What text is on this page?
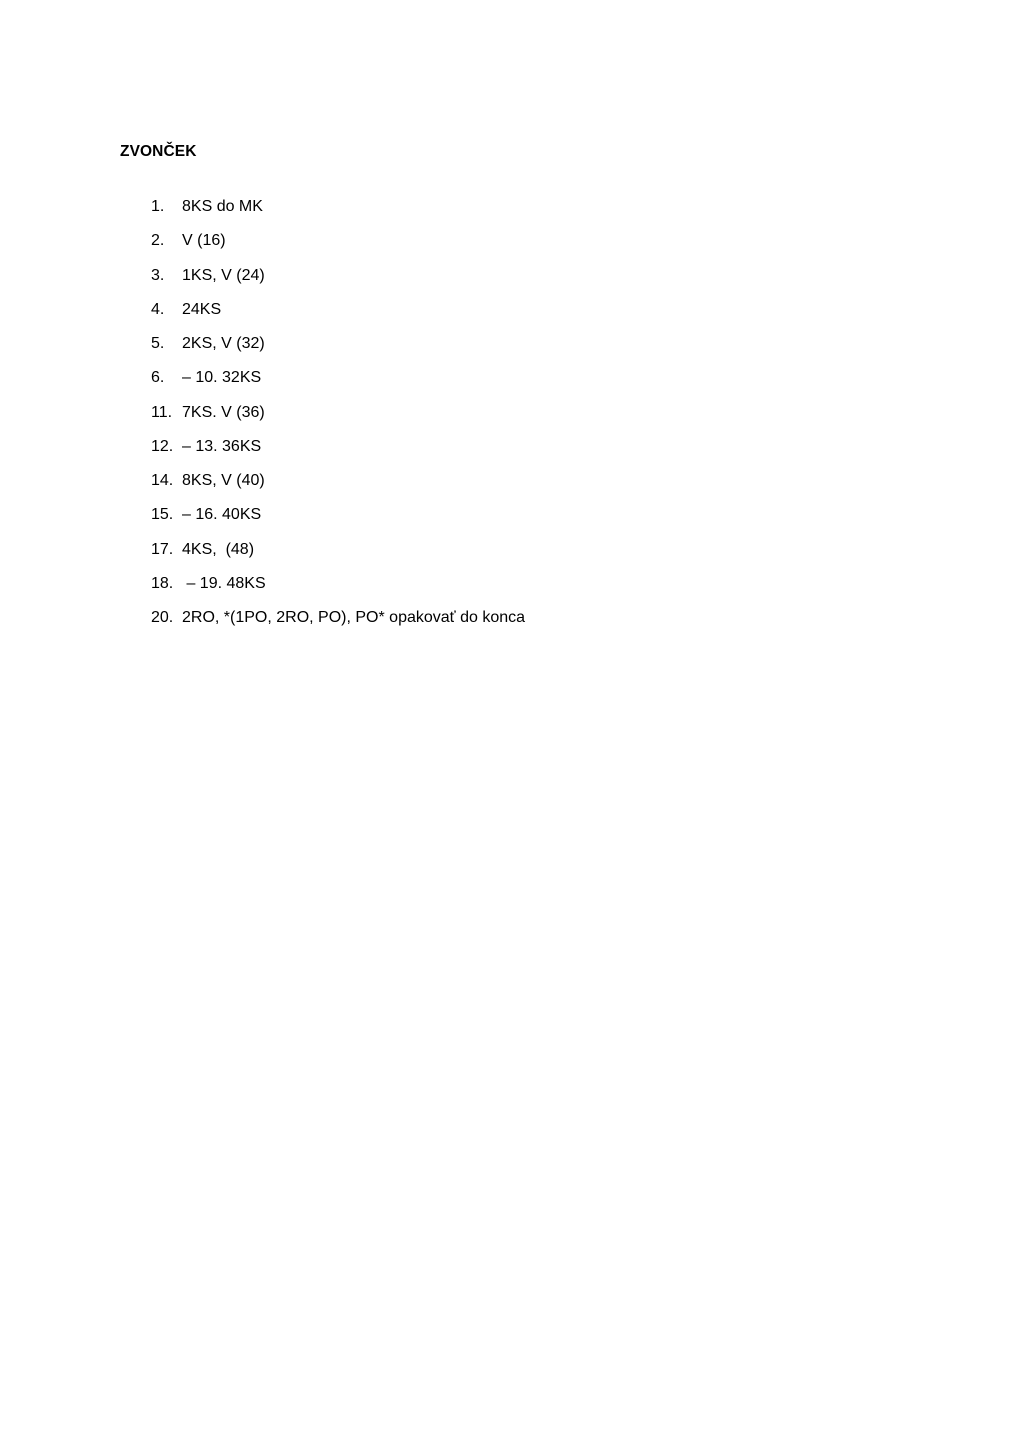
ZVONČEK
1.	8KS do MK
2.	V (16)
3.	1KS, V (24)
4.	24KS
5.	2KS, V (32)
6.	– 10. 32KS
11. 7KS. V (36)
12. – 13. 36KS
14. 8KS, V (40)
15. – 16. 40KS
17. 4KS,  (48)
18. – 19. 48KS
20. 2RO, *(1PO, 2RO, PO), PO* opakovať do konca
